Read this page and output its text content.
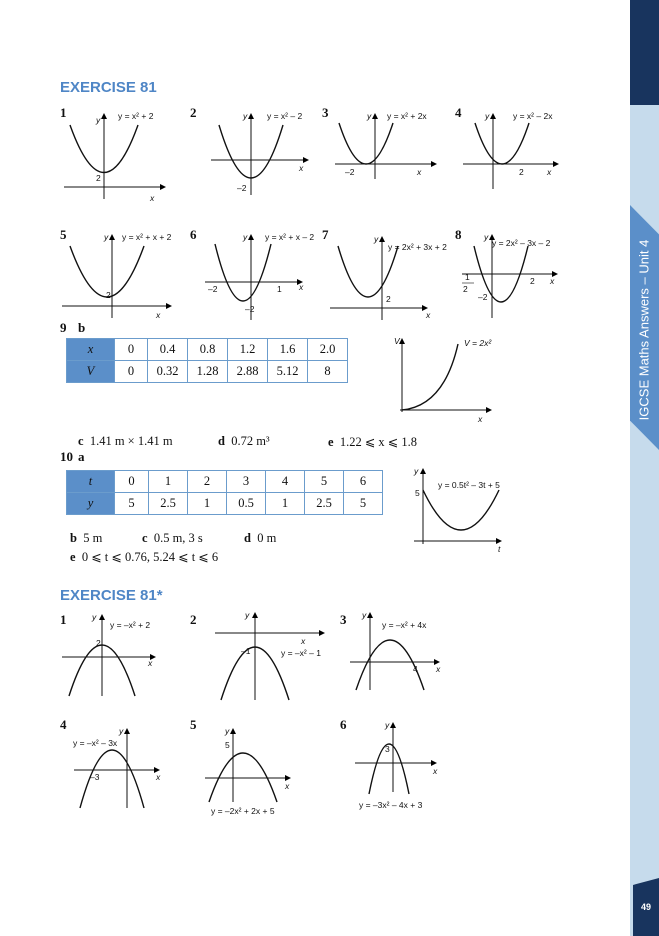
IGCSE Maths Answers – Unit 4
49
EXERCISE 81
1	2	3	4
y
x
y = x² + 2
2
y
x
y = x² – 2
–2
y
x
y = x² + 2x
–2
y
x
y = x² – 2x
2
5	6	7	8
y
x
y = x² + x + 2
2
y
x
y = x² + x – 2
–2	1
–2
y
x
y = 2x² + 3x + 2
2
y
x
y = 2x² – 3x – 2
1
2
–2
2
9 b
x	0	0.4	0.8	1.2	1.6	2.0
V	0	0.32	1.28	2.88	5.12	8
V
x
V = 2x²
c 1.41 m × 1.41 m	d 0.72 m³	e 1.22 ⩽ x ⩽ 1.8
10 a
t	0	1	2	3	4	5	6
y	5	2.5	1	0.5	1	2.5	5
y
t
y = 0.5t² – 3t + 5
5
b 5 m	c 0.5 m, 3 s	d 0 m
e 0 ⩽ t ⩽ 0.76, 5.24 ⩽ t ⩽ 6
EXERCISE 81*
1	2	3
y
x
y = –x² + 2
2
y
x
y = –x² – 1
–1
y
x
y = –x² + 4x
4
4	5	6
y
x
y = –x² – 3x
–3
y
x
y = –2x² + 2x + 5
5
y
x
y = –3x² – 4x + 3
3
